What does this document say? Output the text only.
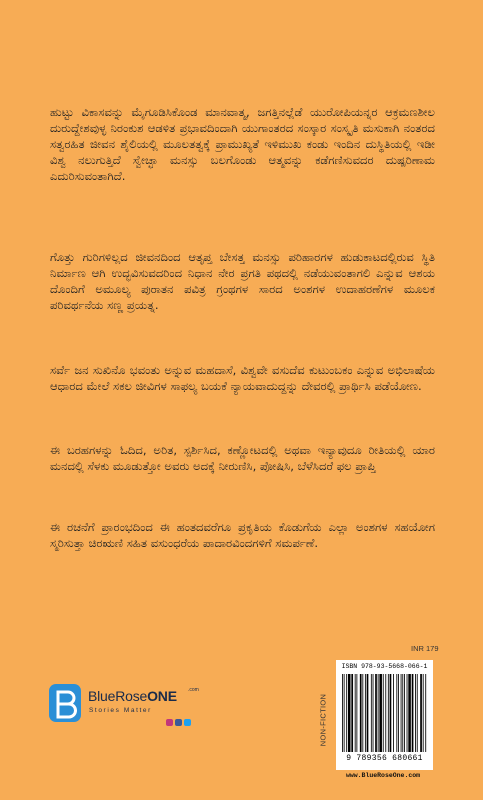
ಹುಟ್ಟು ವಿಕಾಸವನ್ನು ಮೈಗೂಡಿಸಿಕೊಂಡ ಮಾನವಾತ್ಮ, ಜಗತ್ತಿನಲ್ಲೆಡೆ ಯುರೋಪಿಯನ್ನರ ಆಕ್ರಮಣಶೀಲ ದುರುದ್ದೇಶವುಳ್ಳ ನಿರಂಕುಶ ಆಡಳಿತ ಪ್ರಭಾವದಿಂದಾಗಿ ಯುಗಾಂತರದ ಸಂಸ್ಕಾರ ಸಂಸ್ಕೃತಿ ಮಸುಕಾಗಿ ನಂತರದ ಸತ್ವರಹಿತ ಜೀವನ ಶೈಲಿಯಲ್ಲಿ ಮೂಲತತ್ವಕ್ಕೆ ಪ್ರಾಮುಖ್ಯತೆ ಇಳಿಮುಖ ಕಂಡು ಇಂದಿನ ದುಸ್ಥಿತಿಯಲ್ಲಿ ಇಡೀ ವಿಶ್ವ ನಲುಗುತ್ತಿದೆ ಸ್ವೇಚ್ಛಾ ಮನಸ್ಸು ಬಲಗೊಂಡು ಆತ್ಮವನ್ನು ಕಡೆಗಣಿಸುವದರ ದುಷ್ಪರಿಣಾಮ ಎದುರಿಸುವಂತಾಗಿದೆ.

ಗೊತ್ತು ಗುರಿಗಳಿಲ್ಲದ ಜೀವನದಿಂದ ಆತೃಪ್ತ ಬೇಸತ್ತ ಮನಸ್ಸು ಪರಿಹಾರಗಳ ಹುಡುಕಾಟದಲ್ಲಿರುವ ಸ್ಥಿತಿ ನಿರ್ಮಾಣ ಆಗಿ ಉದ್ಭವಿಸುವದರಿಂದ ನಿಧಾನ ನೇರ ಪ್ರಗತಿ ಪಥದಲ್ಲಿ ನಡೆಯುವಂತಾಗಲಿ ಎನ್ನುವ ಆಶಯ ದೊಂದಿಗೆ ಅಮೂಲ್ಯ ಪುರಾತನ ಪವಿತ್ರ ಗ್ರಂಥಗಳ ಸಾರದ ಅಂಶಗಳ ಉದಾಹರಣೆಗಳ ಮೂಲಕ ಪರಿವರ್ಥನೆಯ ಸಣ್ಣ ಪ್ರಯತ್ನ.

ಸರ್ವೆ ಜನ ಸುಖಿನೊ ಭವಂತು ಅನ್ನುವ ಮಹದಾಸೆ, ವಿಶ್ವವೇ ವಸುದೆವ ಕುಟುಂಬಕಂ ಎನ್ನುವ ಅಭಿಲಾಷೆಯ ಆಧಾರದ ಮೇಲೆ ಸಕಲ ಜೀವಿಗಳ ಸಾಫಲ್ಯ ಬಯಕೆ ನ್ಯಾಯವಾದುದ್ದನ್ನು ದೇವರಲ್ಲಿ ಪ್ರಾರ್ಥಿಸಿ ಪಡೆಯೋಣ.

ಈ ಬರಹಗಳನ್ನು ಓದಿದ, ಅರಿತ, ಸ್ಪರ್ಶಿಸಿದ, ಕಣ್ಣೋಟದಲ್ಲಿ ಅಥವಾ ಇನ್ಯಾವುದೂ ರೀತಿಯಲ್ಲಿ ಯಾರ ಮನದಲ್ಲಿ ಸೆಳಕು ಮೂಡುತ್ತೋ ಅವರು ಅದಕ್ಕೆ ನೀರುಣಿಸಿ, ಪೋಷಿಸಿ, ಬೆಳೆಸಿದರೆ ಫಲ ಪ್ರಾಪ್ತಿ

ಈ ರಚನೆಗೆ ಪ್ರಾರಂಭದಿಂದ ಈ ಹಂತದವರೆಗೂ ಪ್ರಕೃತಿಯ ಕೊಡುಗೆಯ ಎಲ್ಲಾ ಅಂಶಗಳ ಸಹಯೋಗ ಸ್ಮರಿಸುತ್ತಾ ಚಿರಋಣಿ ಸಹಿತ ವಸುಂಧರೆಯ ಪಾದಾರವಿಂದಗಳಿಗೆ ಸಮರ್ಪಣೆ.

BlueRoseONE .com
Stories Matter
INR 179
NON-FICTION
ISBN 978-93-5668-066-1
9 789356 680661
www.BlueRoseOne.com
